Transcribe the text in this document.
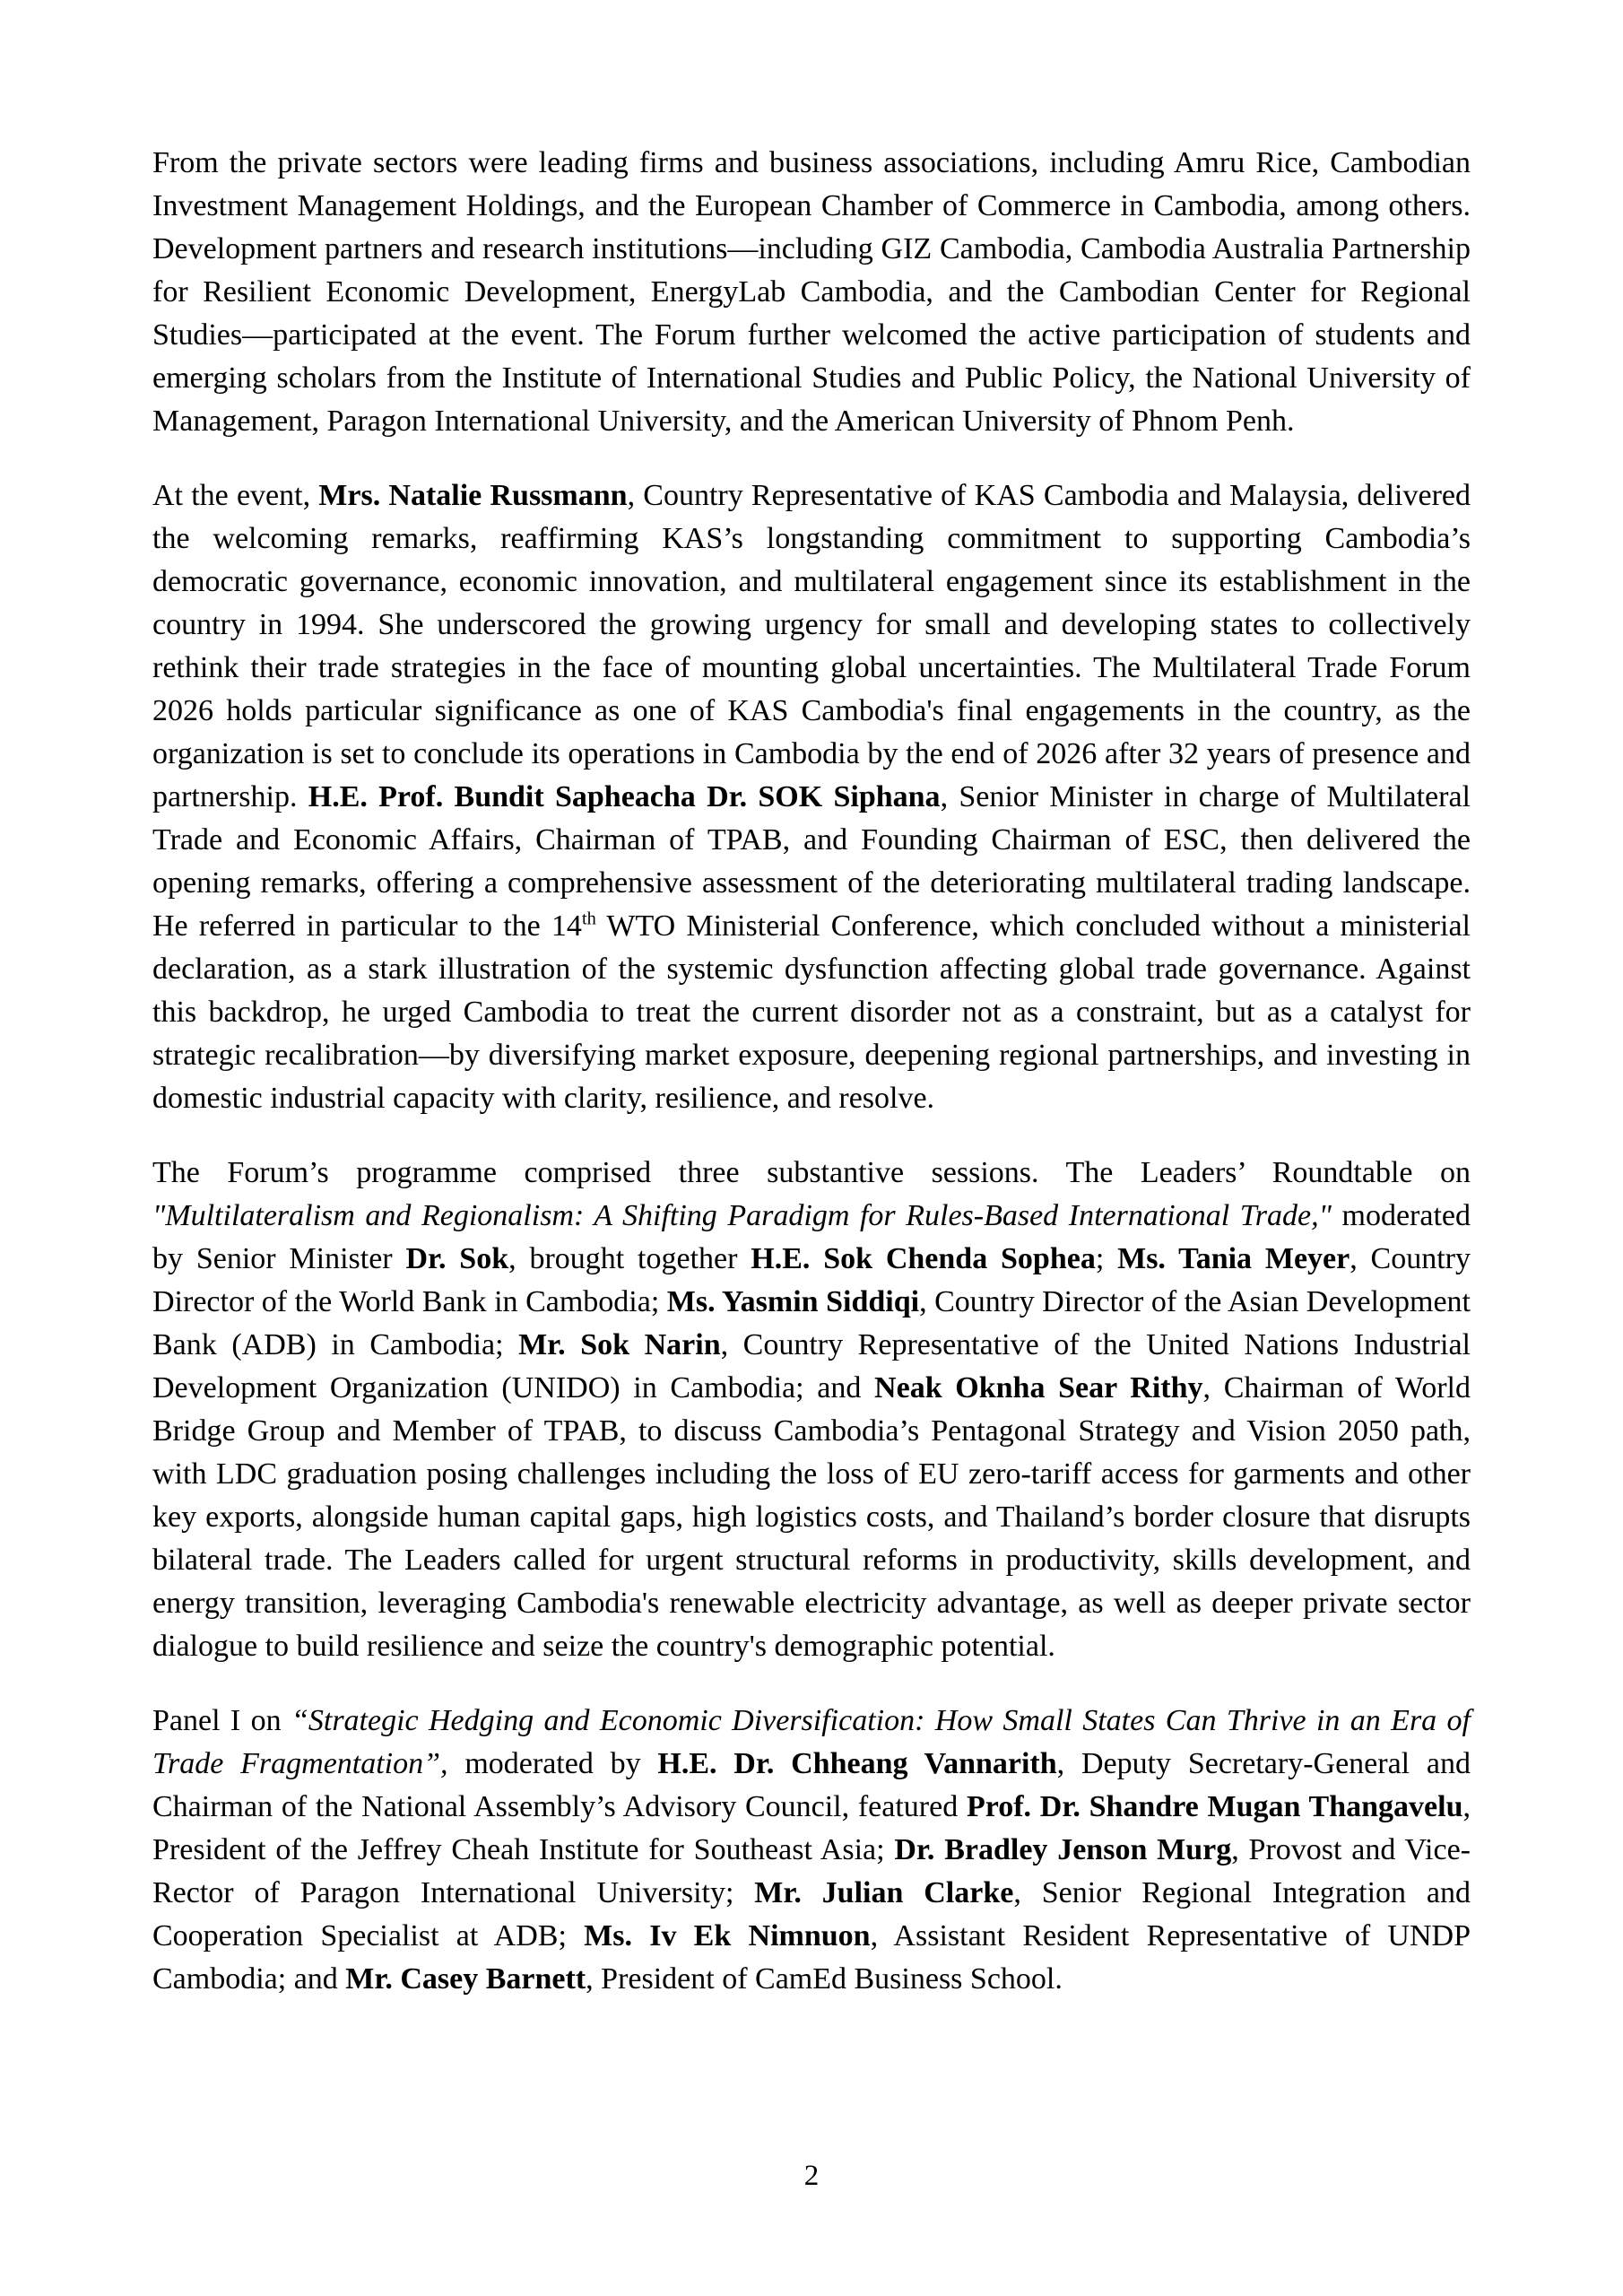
From the private sectors were leading firms and business associations, including Amru Rice, Cambodian Investment Management Holdings, and the European Chamber of Commerce in Cambodia, among others. Development partners and research institutions—including GIZ Cambodia, Cambodia Australia Partnership for Resilient Economic Development, EnergyLab Cambodia, and the Cambodian Center for Regional Studies—participated at the event. The Forum further welcomed the active participation of students and emerging scholars from the Institute of International Studies and Public Policy, the National University of Management, Paragon International University, and the American University of Phnom Penh.

At the event, Mrs. Natalie Russmann, Country Representative of KAS Cambodia and Malaysia, delivered the welcoming remarks, reaffirming KAS’s longstanding commitment to supporting Cambodia’s democratic governance, economic innovation, and multilateral engagement since its establishment in the country in 1994. She underscored the growing urgency for small and developing states to collectively rethink their trade strategies in the face of mounting global uncertainties. The Multilateral Trade Forum 2026 holds particular significance as one of KAS Cambodia's final engagements in the country, as the organization is set to conclude its operations in Cambodia by the end of 2026 after 32 years of presence and partnership. H.E. Prof. Bundit Sapheacha Dr. SOK Siphana, Senior Minister in charge of Multilateral Trade and Economic Affairs, Chairman of TPAB, and Founding Chairman of ESC, then delivered the opening remarks, offering a comprehensive assessment of the deteriorating multilateral trading landscape. He referred in particular to the 14th WTO Ministerial Conference, which concluded without a ministerial declaration, as a stark illustration of the systemic dysfunction affecting global trade governance. Against this backdrop, he urged Cambodia to treat the current disorder not as a constraint, but as a catalyst for strategic recalibration—by diversifying market exposure, deepening regional partnerships, and investing in domestic industrial capacity with clarity, resilience, and resolve.

The Forum’s programme comprised three substantive sessions. The Leaders’ Roundtable on "Multilateralism and Regionalism: A Shifting Paradigm for Rules-Based International Trade," moderated by Senior Minister Dr. Sok, brought together H.E. Sok Chenda Sophea; Ms. Tania Meyer, Country Director of the World Bank in Cambodia; Ms. Yasmin Siddiqi, Country Director of the Asian Development Bank (ADB) in Cambodia; Mr. Sok Narin, Country Representative of the United Nations Industrial Development Organization (UNIDO) in Cambodia; and Neak Oknha Sear Rithy, Chairman of World Bridge Group and Member of TPAB, to discuss Cambodia’s Pentagonal Strategy and Vision 2050 path, with LDC graduation posing challenges including the loss of EU zero-tariff access for garments and other key exports, alongside human capital gaps, high logistics costs, and Thailand’s border closure that disrupts bilateral trade. The Leaders called for urgent structural reforms in productivity, skills development, and energy transition, leveraging Cambodia's renewable electricity advantage, as well as deeper private sector dialogue to build resilience and seize the country's demographic potential.

Panel I on “Strategic Hedging and Economic Diversification: How Small States Can Thrive in an Era of Trade Fragmentation”, moderated by H.E. Dr. Chheang Vannarith, Deputy Secretary-General and Chairman of the National Assembly’s Advisory Council, featured Prof. Dr. Shandre Mugan Thangavelu, President of the Jeffrey Cheah Institute for Southeast Asia; Dr. Bradley Jenson Murg, Provost and Vice-Rector of Paragon International University; Mr. Julian Clarke, Senior Regional Integration and Cooperation Specialist at ADB; Ms. Iv Ek Nimnuon, Assistant Resident Representative of UNDP Cambodia; and Mr. Casey Barnett, President of CamEd Business School.

2
